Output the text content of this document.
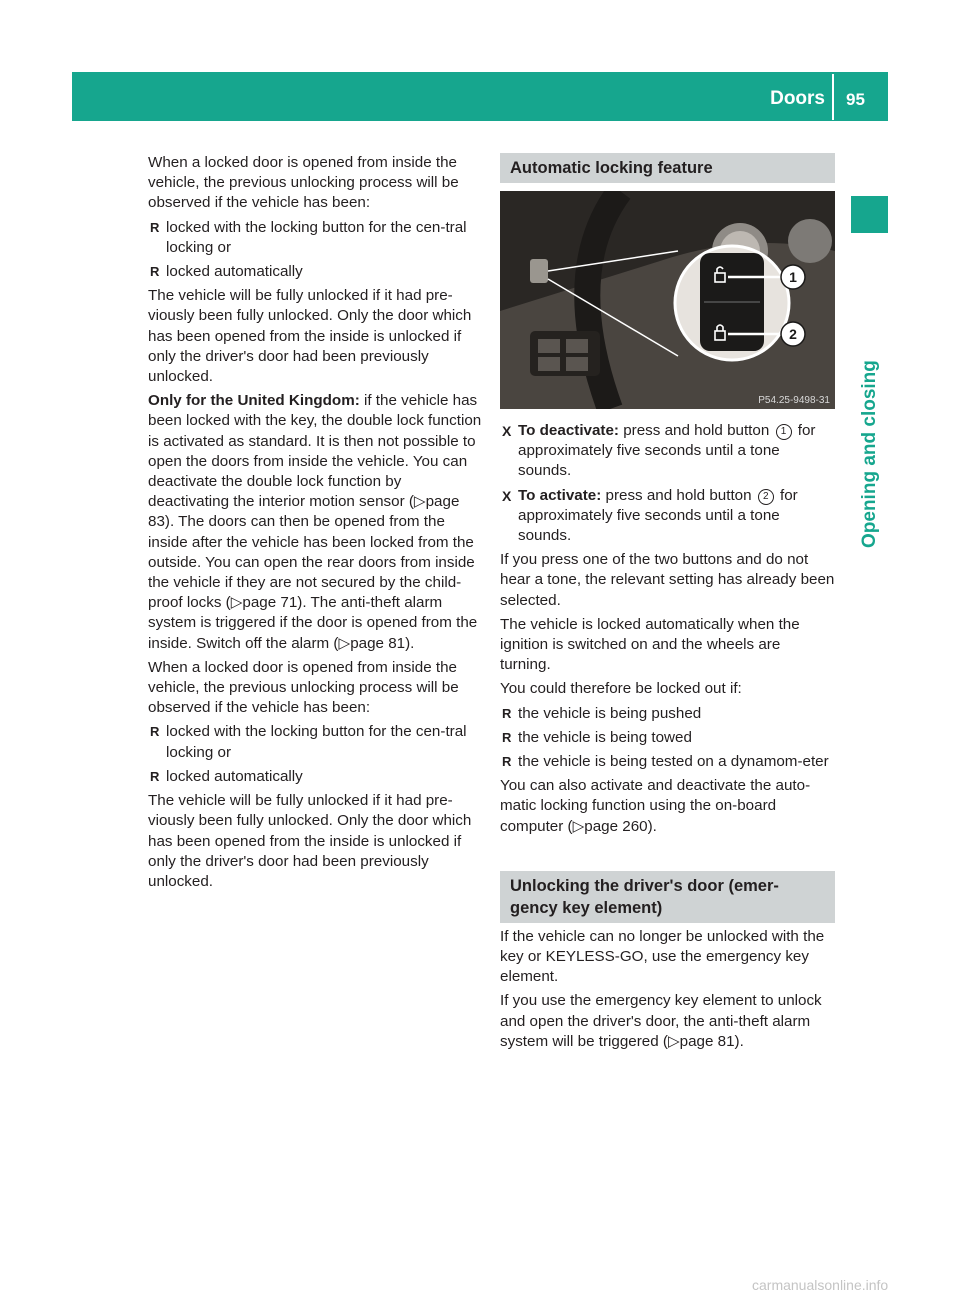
Doors 95
Opening and closing

When a locked door is opened from inside the vehicle, the previous unlocking process will be observed if the vehicle has been:

R locked with the locking button for the cen-tral locking or
R locked automatically

The vehicle will be fully unlocked if it had pre-viously been fully unlocked. Only the door which has been opened from the inside is unlocked if only the driver's door had been previously unlocked.

Only for the United Kingdom: if the vehicle has been locked with the key, the double lock function is activated as standard. It is then not possible to open the doors from inside the vehicle. You can deactivate the double lock function by deactivating the interior motion sensor (▷page 83). The doors can then be opened from the inside after the vehicle has been locked from the outside. You can open the rear doors from inside the vehicle if they are not secured by the child-proof locks (▷page 71). The anti-theft alarm system is triggered if the door is opened from the inside. Switch off the alarm (▷page 81).

When a locked door is opened from inside the vehicle, the previous unlocking process will be observed if the vehicle has been:

R locked with the locking button for the cen-tral locking or
R locked automatically

The vehicle will be fully unlocked if it had pre-viously been fully unlocked. Only the door which has been opened from the inside is unlocked if only the driver's door had been previously unlocked.

Automatic locking feature
1
2
P54.25-9498-31
X To deactivate: press and hold button 1 for approximately five seconds until a tone sounds.
X To activate: press and hold button 2 for approximately five seconds until a tone sounds.

If you press one of the two buttons and do not hear a tone, the relevant setting has already been selected.

The vehicle is locked automatically when the ignition is switched on and the wheels are turning.

You could therefore be locked out if:

R the vehicle is being pushed
R the vehicle is being towed
R the vehicle is being tested on a dynamom-eter

You can also activate and deactivate the auto-matic locking function using the on-board computer (▷page 260).

Unlocking the driver's door (emer-gency key element)

If the vehicle can no longer be unlocked with the key or KEYLESS-GO, use the emergency key element.

If you use the emergency key element to unlock and open the driver's door, the anti-theft alarm system will be triggered (▷page 81).

carmanualsonline.info
